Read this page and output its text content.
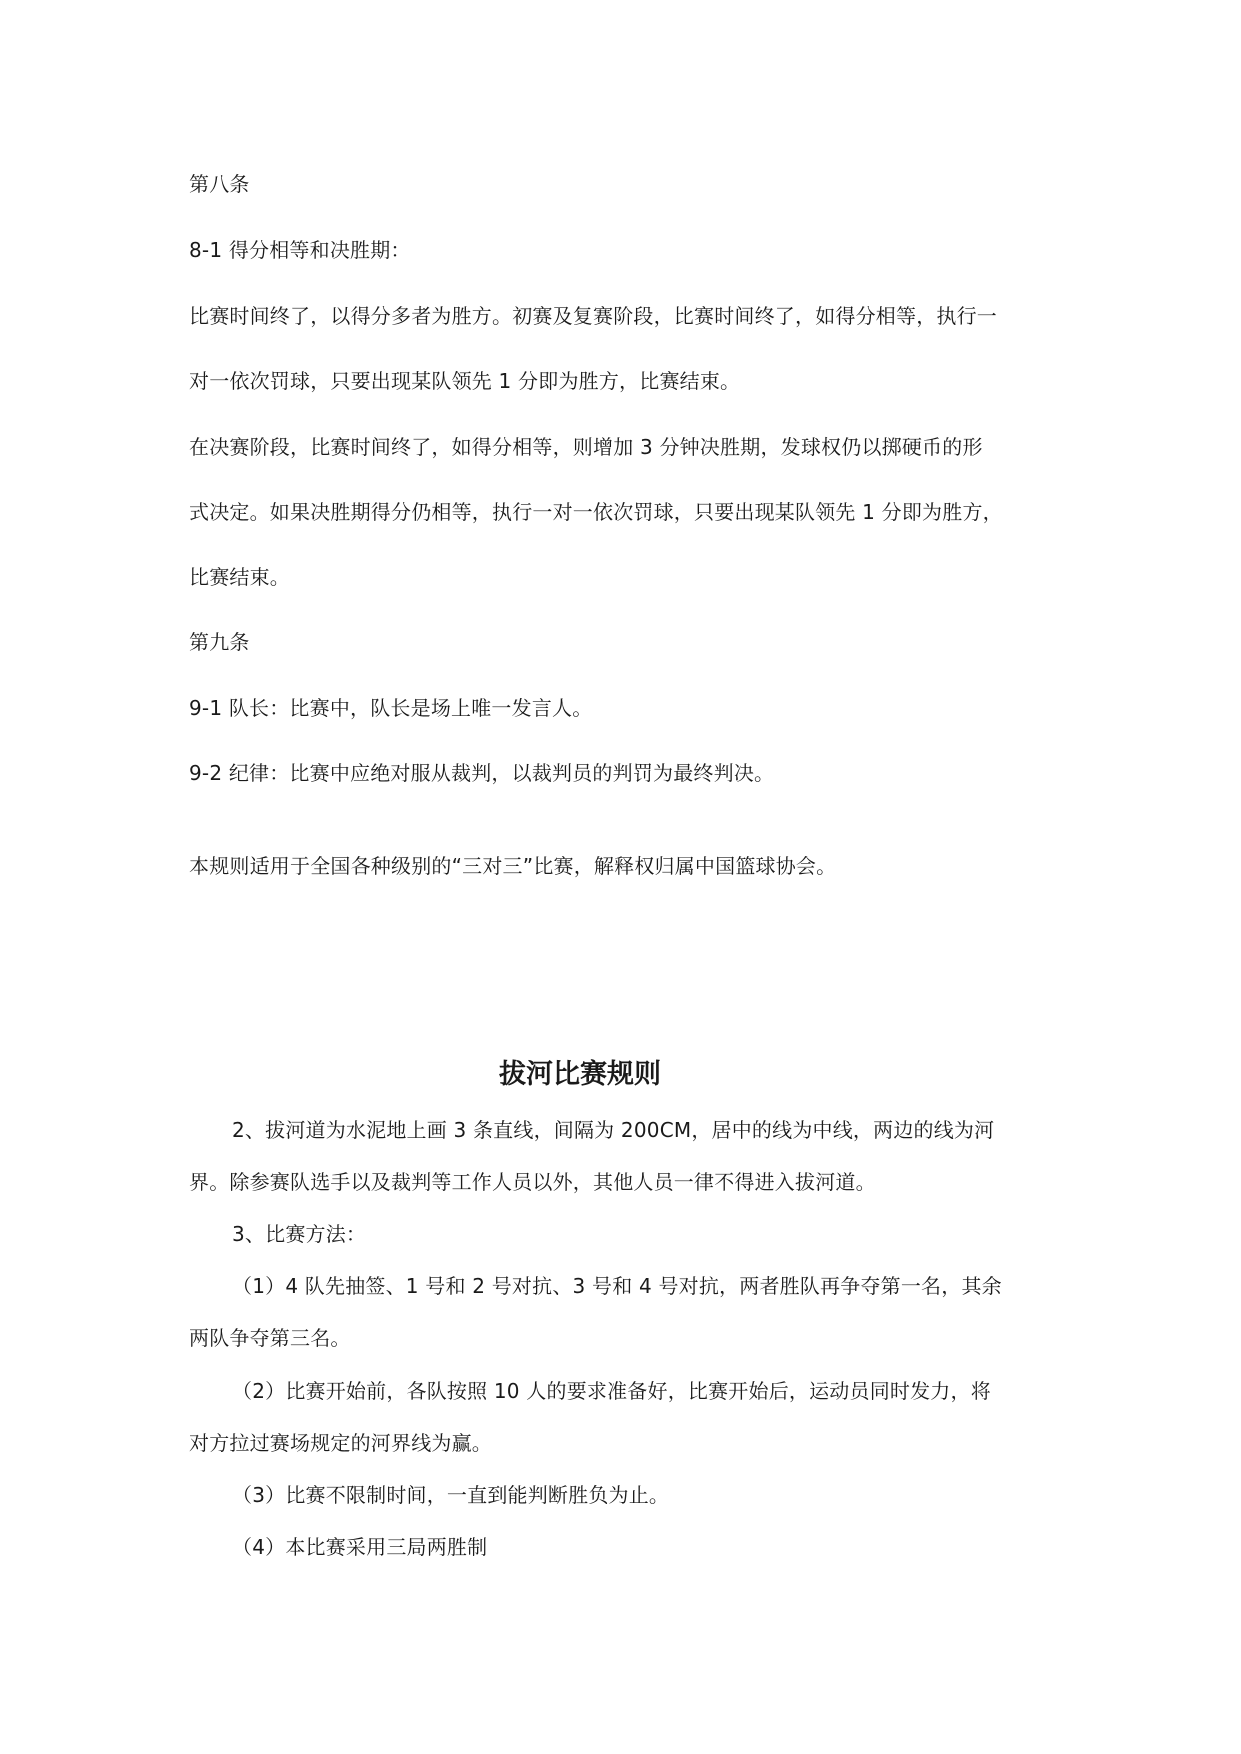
第八条
8-1 得分相等和决胜期：
比赛时间终了，以得分多者为胜方。初赛及复赛阶段，比赛时间终了，如得分相等，执行一
对一依次罚球，只要出现某队领先 1 分即为胜方，比赛结束。
在决赛阶段，比赛时间终了，如得分相等，则增加 3 分钟决胜期，发球权仍以掷硬币的形
式决定。如果决胜期得分仍相等，执行一对一依次罚球，只要出现某队领先 1 分即为胜方，
比赛结束。
第九条
9-1 队长：比赛中，队长是场上唯一发言人。
9-2 纪律：比赛中应绝对服从裁判，以裁判员的判罚为最终判决。
本规则适用于全国各种级别的“三对三”比赛，解释权归属中国篮球协会。
拔河比赛规则
2、拔河道为水泥地上画 3 条直线，间隔为 200CM，居中的线为中线，两边的线为河
界。除参赛队选手以及裁判等工作人员以外，其他人员一律不得进入拔河道。
3、比赛方法：
（1）4 队先抽签、1 号和 2 号对抗、3 号和 4 号对抗，两者胜队再争夺第一名，其余
两队争夺第三名。
（2）比赛开始前，各队按照 10 人的要求准备好，比赛开始后，运动员同时发力，将
对方拉过赛场规定的河界线为赢。
（3）比赛不限制时间，一直到能判断胜负为止。
（4）本比赛采用三局两胜制
